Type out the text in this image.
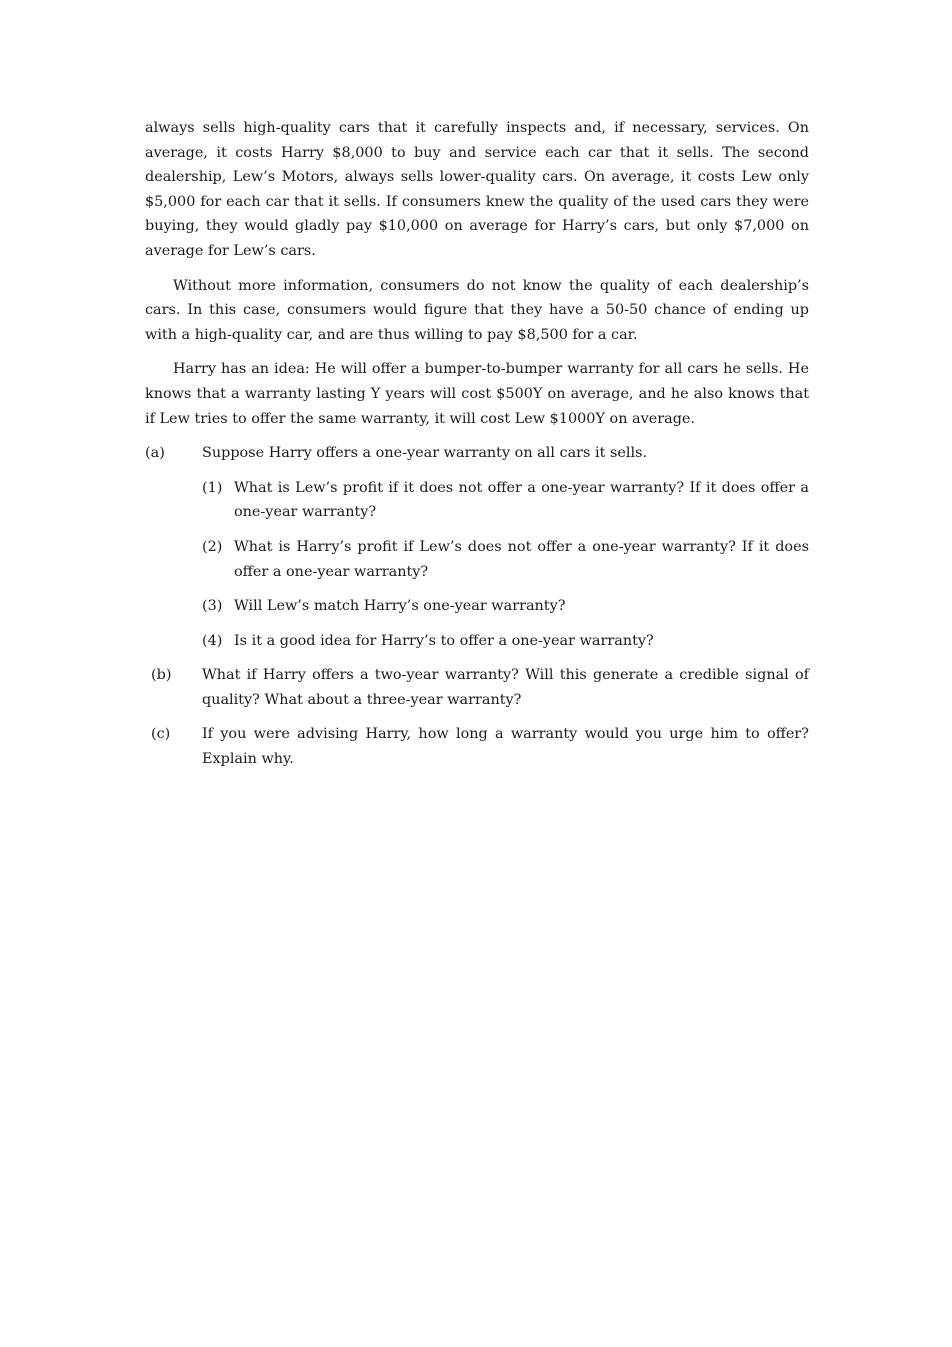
always sells high-quality cars that it carefully inspects and, if necessary, services. On average, it costs Harry $8,000 to buy and service each car that it sells. The second dealership, Lew’s Motors, always sells lower-quality cars. On average, it costs Lew only $5,000 for each car that it sells. If consumers knew the quality of the used cars they were buying, they would gladly pay $10,000 on average for Harry’s cars, but only $7,000 on average for Lew’s cars.

Without more information, consumers do not know the quality of each dealership’s cars. In this case, consumers would figure that they have a 50-50 chance of ending up with a high-quality car, and are thus willing to pay $8,500 for a car.

Harry has an idea: He will offer a bumper-to-bumper warranty for all cars he sells. He knows that a warranty lasting Y years will cost $500Y on average, and he also knows that if Lew tries to offer the same warranty, it will cost Lew $1000Y on average.

(a)	Suppose Harry offers a one-year warranty on all cars it sells.
(1) What is Lew’s profit if it does not offer a one-year warranty? If it does offer a one-year warranty?
(2) What is Harry’s profit if Lew’s does not offer a one-year warranty? If it does offer a one-year warranty?
(3) Will Lew’s match Harry’s one-year warranty?
(4) Is it a good idea for Harry’s to offer a one-year warranty?
(b) What if Harry offers a two-year warranty? Will this generate a credible signal of quality? What about a three-year warranty?
(c) If you were advising Harry, how long a warranty would you urge him to offer? Explain why.
